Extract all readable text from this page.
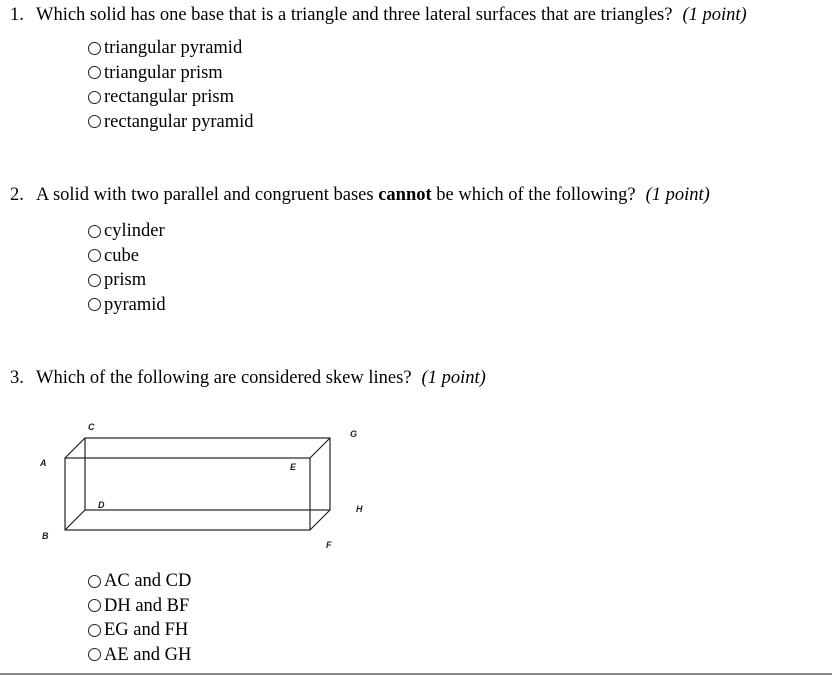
1. Which solid has one base that is a triangle and three lateral surfaces that are triangles? (1 point)
triangular pyramid
triangular prism
rectangular prism
rectangular pyramid
2. A solid with two parallel and congruent bases cannot be which of the following? (1 point)
cylinder
cube
prism
pyramid
3. Which of the following are considered skew lines? (1 point)
C
G
A	E
D	H
B
F
AC and CD
DH and BF
EG and FH
AE and GH
